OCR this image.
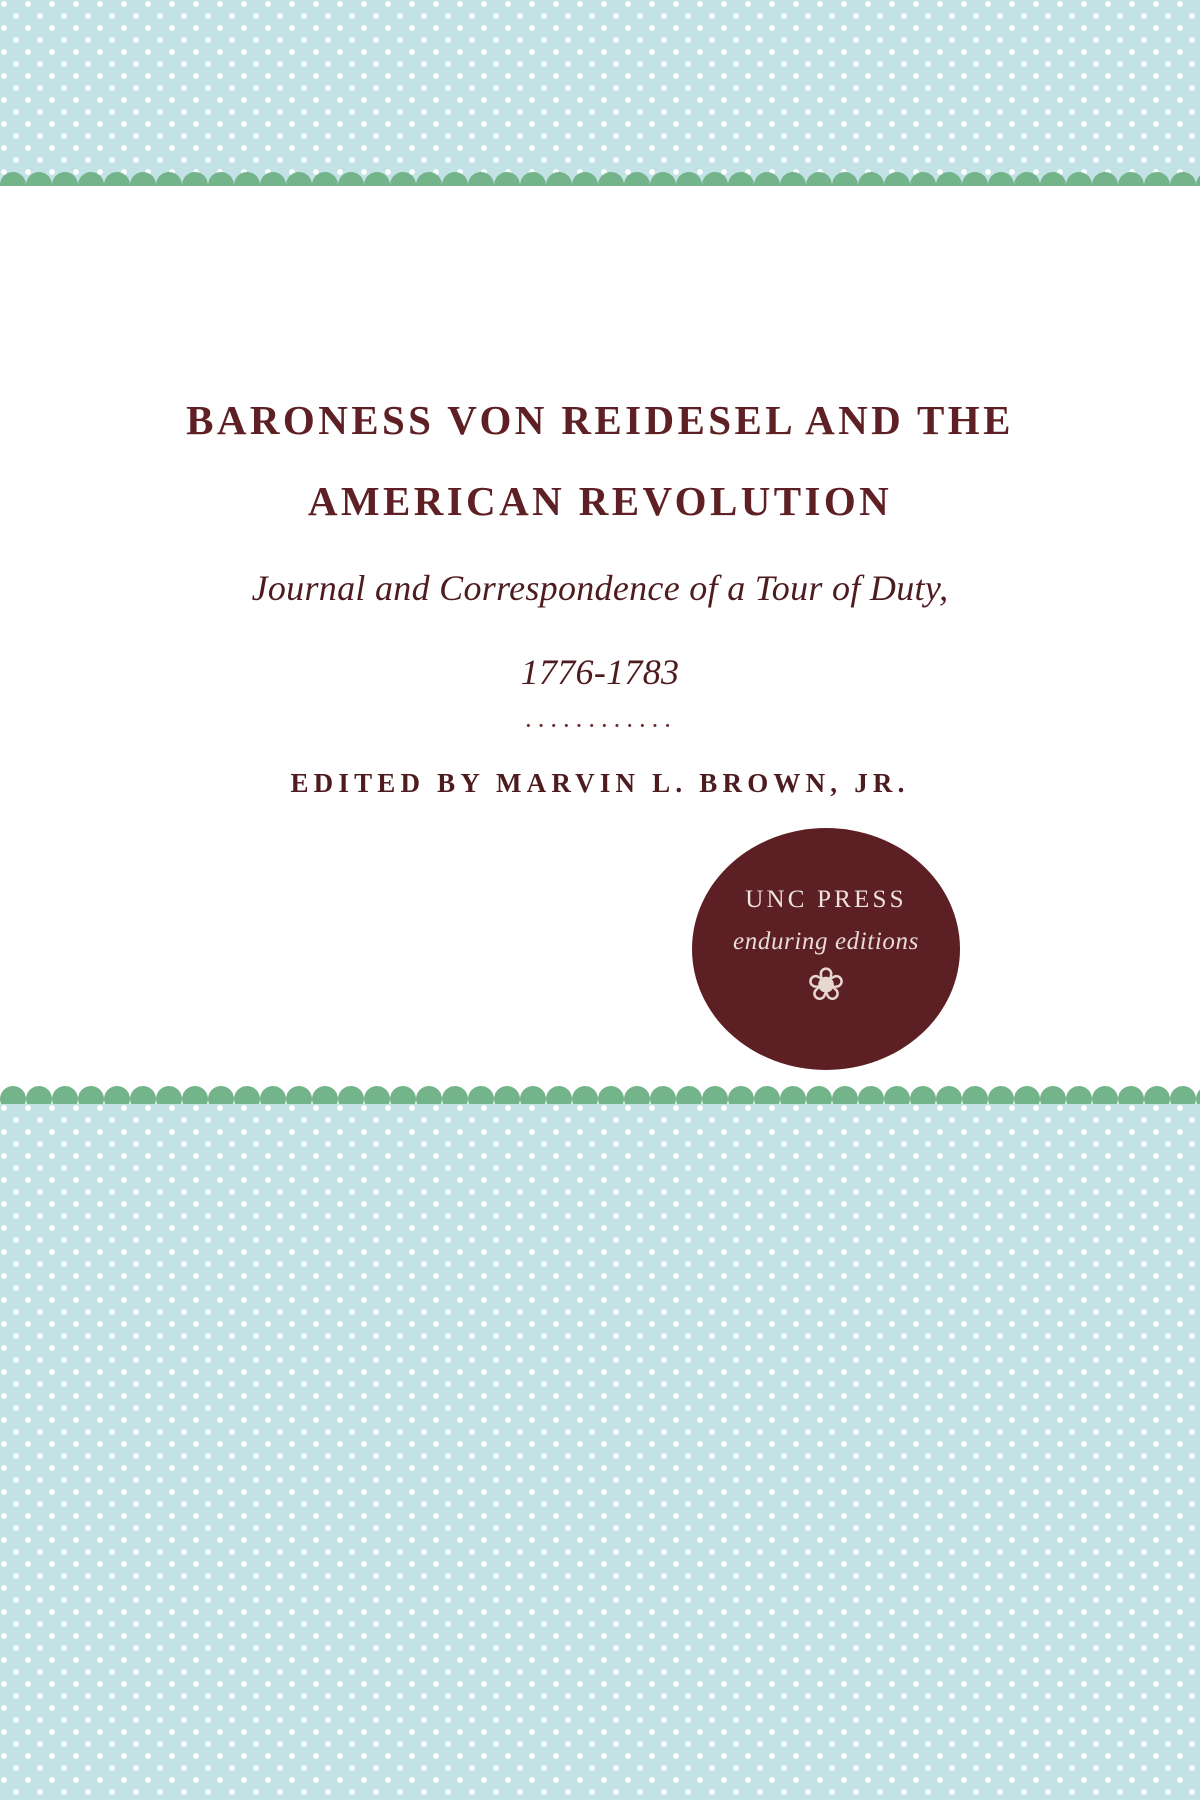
BARONESS VON REIDESEL AND THE
AMERICAN REVOLUTION
Journal and Correspondence of a Tour of Duty,
1776-1783
············
EDITED BY MARVIN L. BROWN, JR.
UNC PRESS
enduring editions
❀
